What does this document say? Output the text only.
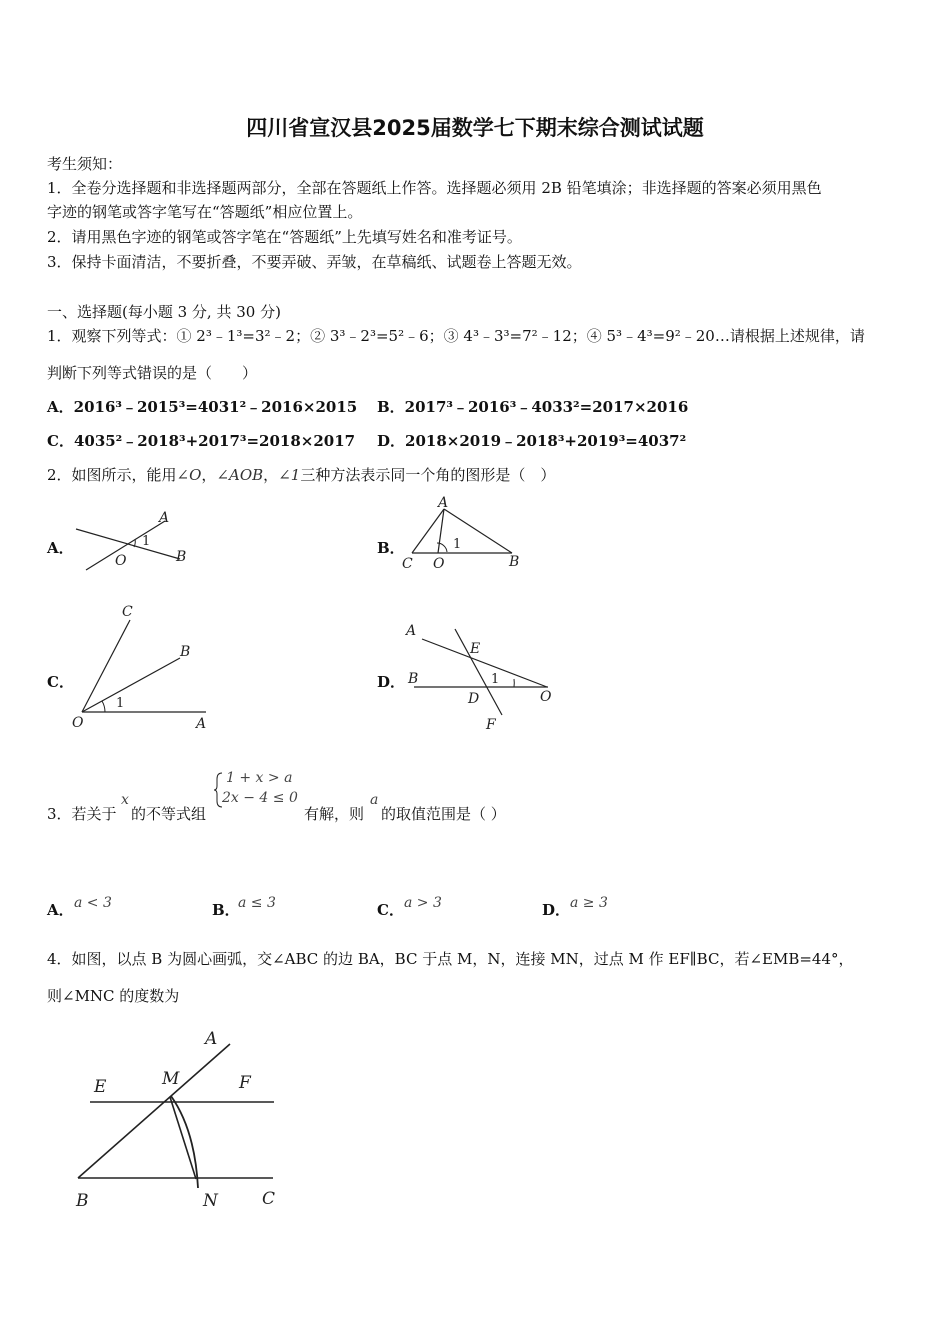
四川省宣汉县2025届数学七下期末综合测试试题
考生须知：
1．全卷分选择题和非选择题两部分，全部在答题纸上作答。选择题必须用 2B 铅笔填涂；非选择题的答案必须用黑色
字迹的钢笔或答字笔写在“答题纸”相应位置上。
2．请用黑色字迹的钢笔或答字笔在“答题纸”上先填写姓名和准考证号。
3．保持卡面清洁，不要折叠，不要弄破、弄皱，在草稿纸、试题卷上答题无效。
一、选择题(每小题 3 分, 共 30 分)
1．观察下列等式：① 2³﹣1³=3²﹣2；② 3³﹣2³=5²﹣6；③ 4³﹣3³=7²﹣12；④ 5³﹣4³=9²﹣20…请根据上述规律，请
判断下列等式错误的是（　　）
A．2016³﹣2015³=4031²﹣2016×2015 B．2017³﹣2016³﹣4033²=2017×2016
C．4035²﹣2018³+2017³=2018×2017 D．2018×2019﹣2018³+2019³=4037²
2．如图所示，能用∠O，∠AOB，∠1三种方法表示同一个角的图形是（　）
A．	B．
C．	D．
A
1
O	B
A
1
C O	B
C
B
1
O	A
A
E
B	1
D	O
F
3．若关于
x
的不等式组
1 + x > a
2x − 4 ≤ 0
有解，则
a
的取值范围是（ ）
A． a < 3	B．
a ≤ 3	C． a > 3	D． a ≥ 3
4．如图，以点 B 为圆心画弧，交∠ABC 的边 BA，BC 于点 M，N，连接 MN，过点 M 作 EF∥BC，若∠EMB=44°，
则∠MNC 的度数为
A
E	M	F
B	N	C
